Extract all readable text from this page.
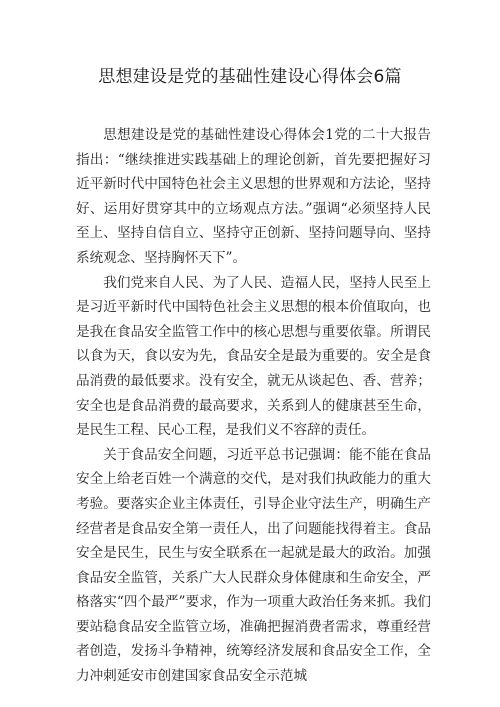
思想建设是党的基础性建设心得体会6篇

思想建设是党的基础性建设心得体会1党的二十大报告指出：“继续推进实践基础上的理论创新，首先要把握好习近平新时代中国特色社会主义思想的世界观和方法论，坚持好、运用好贯穿其中的立场观点方法。”强调“必须坚持人民至上、坚持自信自立、坚持守正创新、坚持问题导向、坚持系统观念、坚持胸怀天下”。

我们党来自人民、为了人民、造福人民，坚持人民至上是习近平新时代中国特色社会主义思想的根本价值取向，也是我在食品安全监管工作中的核心思想与重要依靠。所谓民以食为天，食以安为先，食品安全是最为重要的。安全是食品消费的最低要求。没有安全，就无从谈起色、香、营养；安全也是食品消费的最高要求，关系到人的健康甚至生命，是民生工程、民心工程，是我们义不容辞的责任。

关于食品安全问题，习近平总书记强调：能不能在食品安全上给老百姓一个满意的交代，是对我们执政能力的重大考验。要落实企业主体责任，引导企业守法生产，明确生产经营者是食品安全第一责任人，出了问题能找得着主。食品安全是民生，民生与安全联系在一起就是最大的政治。加强食品安全监管，关系广大人民群众身体健康和生命安全，严格落实“四个最严”要求，作为一项重大政治任务来抓。我们要站稳食品安全监管立场，准确把握消费者需求，尊重经营者创造，发扬斗争精神，统筹经济发展和食品安全工作，全力冲刺延安市创建国家食品安全示范城
